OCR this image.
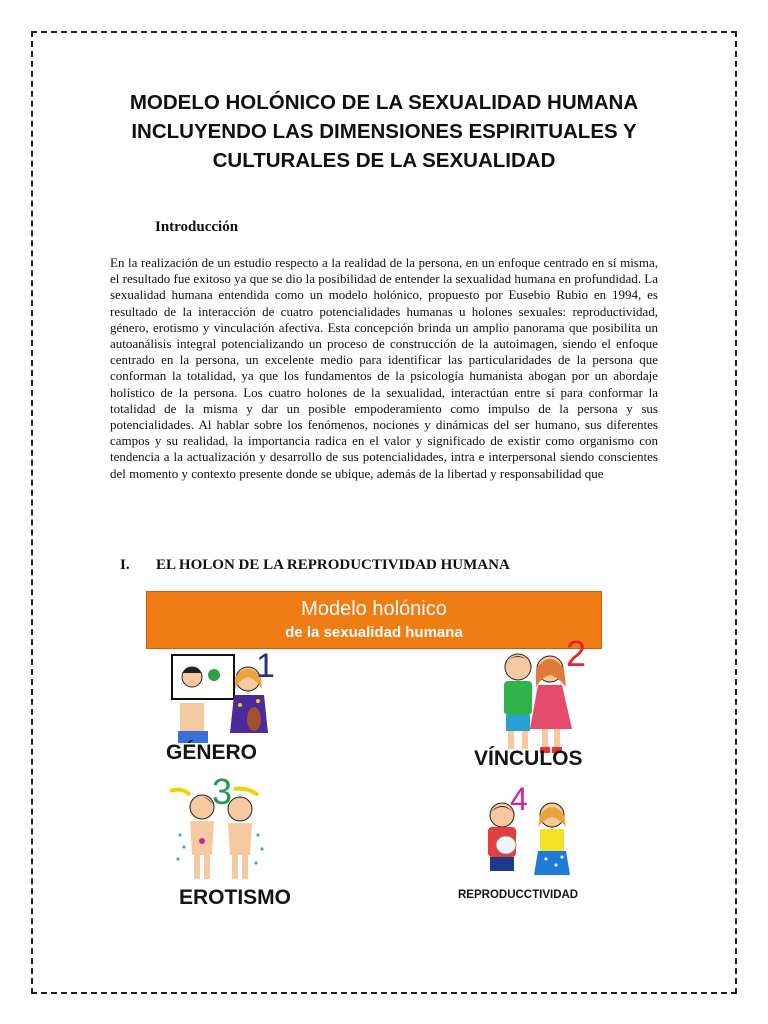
MODELO HOLÓNICO DE LA SEXUALIDAD HUMANA INCLUYENDO LAS DIMENSIONES ESPIRITUALES Y CULTURALES DE LA SEXUALIDAD
Introducción
En la realización de un estudio respecto a la realidad de la persona, en un enfoque centrado en sí misma, el resultado fue exitoso ya que se dio la posibilidad de entender la sexualidad humana en profundidad. La sexualidad humana entendida como un modelo holónico, propuesto por Eusebio Rubio en 1994, es resultado de la interacción de cuatro potencialidades humanas u holones sexuales: reproductividad, género, erotismo y vinculación afectiva. Esta concepción brinda un amplio panorama que posibilita un autoanálisis integral potencializando un proceso de construcción de la autoimagen, siendo el enfoque centrado en la persona, un excelente medio para identificar las particularidades de la persona que conforman la totalidad, ya que los fundamentos de la psicología humanista abogan por un abordaje holístico de la persona. Los cuatro holones de la sexualidad, interactúan entre sí para conformar la totalidad de la misma y dar un posible empoderamiento como impulso de la persona y sus potencialidades. Al hablar sobre los fenómenos, nociones y dinámicas del ser humano, sus diferentes campos y su realidad, la importancia radica en el valor y significado de existir como organismo con tendencia a la actualización y desarrollo de sus potencialidades, intra e interpersonal siendo conscientes del momento y contexto presente donde se ubique, además de la libertad y responsabilidad que
I. EL HOLON DE LA REPRODUCTIVIDAD HUMANA
Modelo holónico
de la sexualidad humana
1
GÉNERO
2
VÍNCULOS
3
EROTISMO
4
REPRODUCCTIVIDAD
